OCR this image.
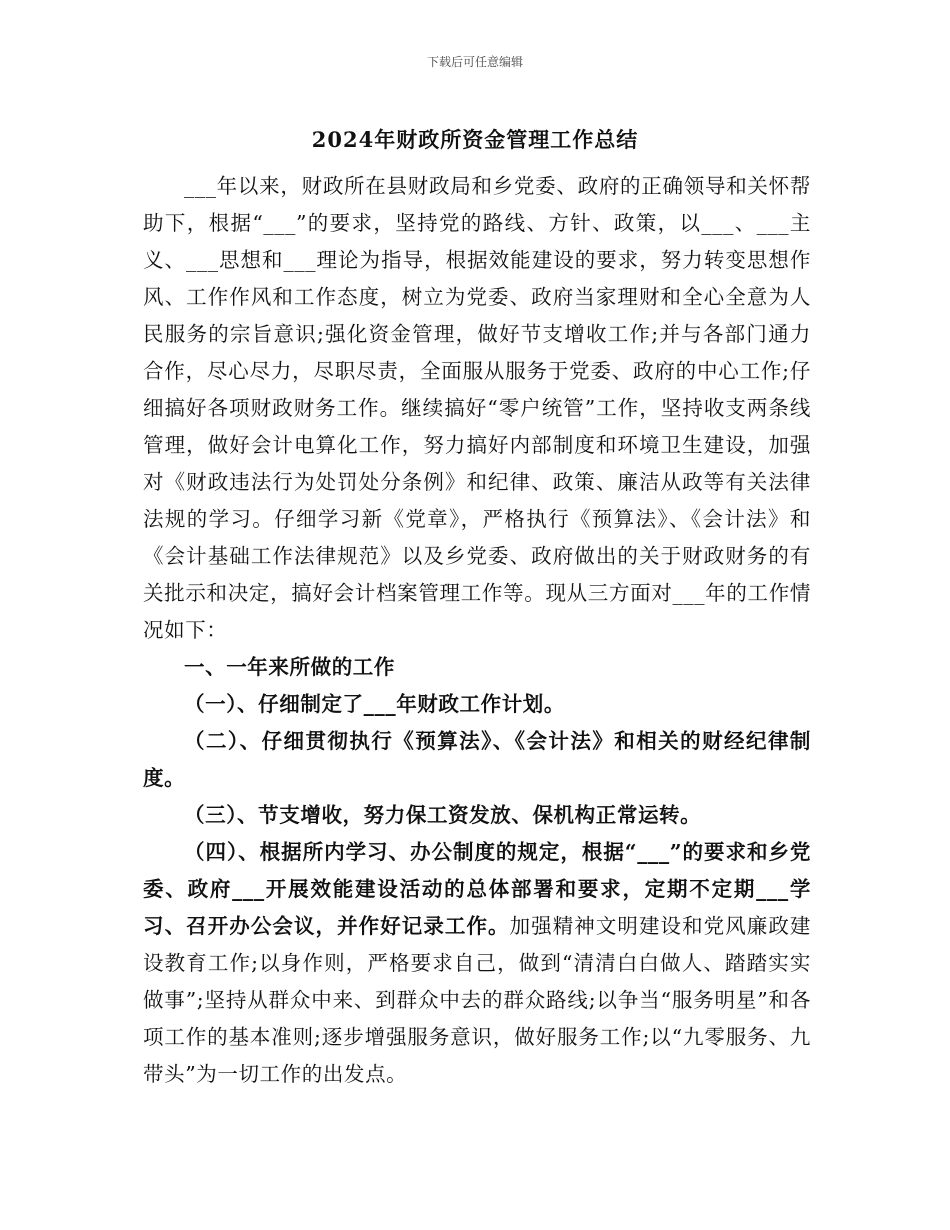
下载后可任意编辑
2024年财政所资金管理工作总结

___年以来，财政所在县财政局和乡党委、政府的正确领导和关怀帮助下，根据“___”的要求，坚持党的路线、方针、政策，以___、___主义、___思想和___理论为指导，根据效能建设的要求，努力转变思想作风、工作作风和工作态度，树立为党委、政府当家理财和全心全意为人民服务的宗旨意识;强化资金管理，做好节支增收工作;并与各部门通力合作，尽心尽力，尽职尽责，全面服从服务于党委、政府的中心工作;仔细搞好各项财政财务工作。继续搞好“零户统管”工作，坚持收支两条线管理，做好会计电算化工作，努力搞好内部制度和环境卫生建设，加强对《财政违法行为处罚处分条例》和纪律、政策、廉洁从政等有关法律法规的学习。仔细学习新《党章》，严格执行《预算法》、《会计法》和《会计基础工作法律规范》以及乡党委、政府做出的关于财政财务的有关批示和决定，搞好会计档案管理工作等。现从三方面对___年的工作情况如下：

一、一年来所做的工作

（一）、仔细制定了___年财政工作计划。

（二）、仔细贯彻执行《预算法》、《会计法》和相关的财经纪律制度。

（三）、节支增收，努力保工资发放、保机构正常运转。

（四）、根据所内学习、办公制度的规定，根据“___”的要求和乡党委、政府___开展效能建设活动的总体部署和要求，定期不定期___学习、召开办公会议，并作好记录工作。加强精神文明建设和党风廉政建设教育工作;以身作则，严格要求自己，做到“清清白白做人、踏踏实实做事”;坚持从群众中来、到群众中去的群众路线;以争当“服务明星”和各项工作的基本准则;逐步增强服务意识，做好服务工作;以“九零服务、九带头”为一切工作的出发点。
